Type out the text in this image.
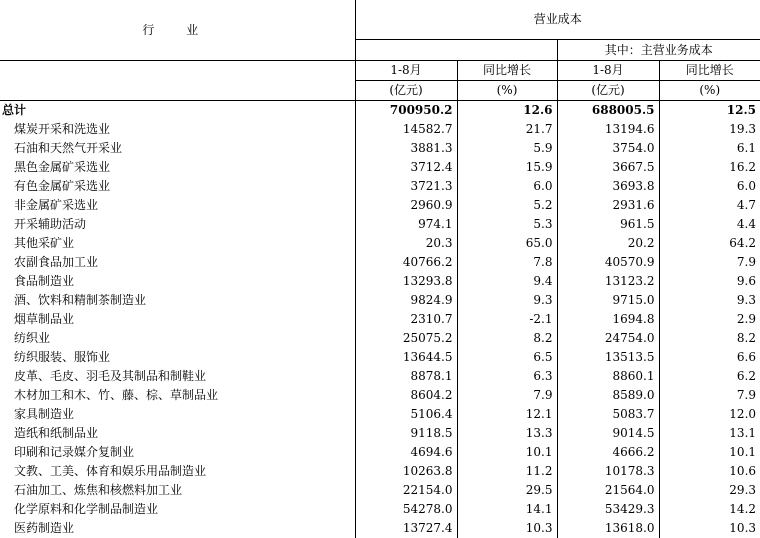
行 业	营业成本			
			其中：主营业务成本	
	1-8月	同比增长	1-8月	同比增长
	(亿元)	(%)	(亿元)	(%)
总计	700950.2	12.6	688005.5	12.5
煤炭开采和洗选业	14582.7	21.7	13194.6	19.3
石油和天然气开采业	3881.3	5.9	3754.0	6.1
黑色金属矿采选业	3712.4	15.9	3667.5	16.2
有色金属矿采选业	3721.3	6.0	3693.8	6.0
非金属矿采选业	2960.9	5.2	2931.6	4.7
开采辅助活动	974.1	5.3	961.5	4.4
其他采矿业	20.3	65.0	20.2	64.2
农副食品加工业	40766.2	7.8	40570.9	7.9
食品制造业	13293.8	9.4	13123.2	9.6
酒、饮料和精制茶制造业	9824.9	9.3	9715.0	9.3
烟草制品业	2310.7	-2.1	1694.8	2.9
纺织业	25075.2	8.2	24754.0	8.2
纺织服装、服饰业	13644.5	6.5	13513.5	6.6
皮革、毛皮、羽毛及其制品和制鞋业	8878.1	6.3	8860.1	6.2
木材加工和木、竹、藤、棕、草制品业	8604.2	7.9	8589.0	7.9
家具制造业	5106.4	12.1	5083.7	12.0
造纸和纸制品业	9118.5	13.3	9014.5	13.1
印刷和记录媒介复制业	4694.6	10.1	4666.2	10.1
文教、工美、体育和娱乐用品制造业	10263.8	11.2	10178.3	10.6
石油加工、炼焦和核燃料加工业	22154.0	29.5	21564.0	29.3
化学原料和化学制品制造业	54278.0	14.1	53429.3	14.2
医药制造业	13727.4	10.3	13618.0	10.3
